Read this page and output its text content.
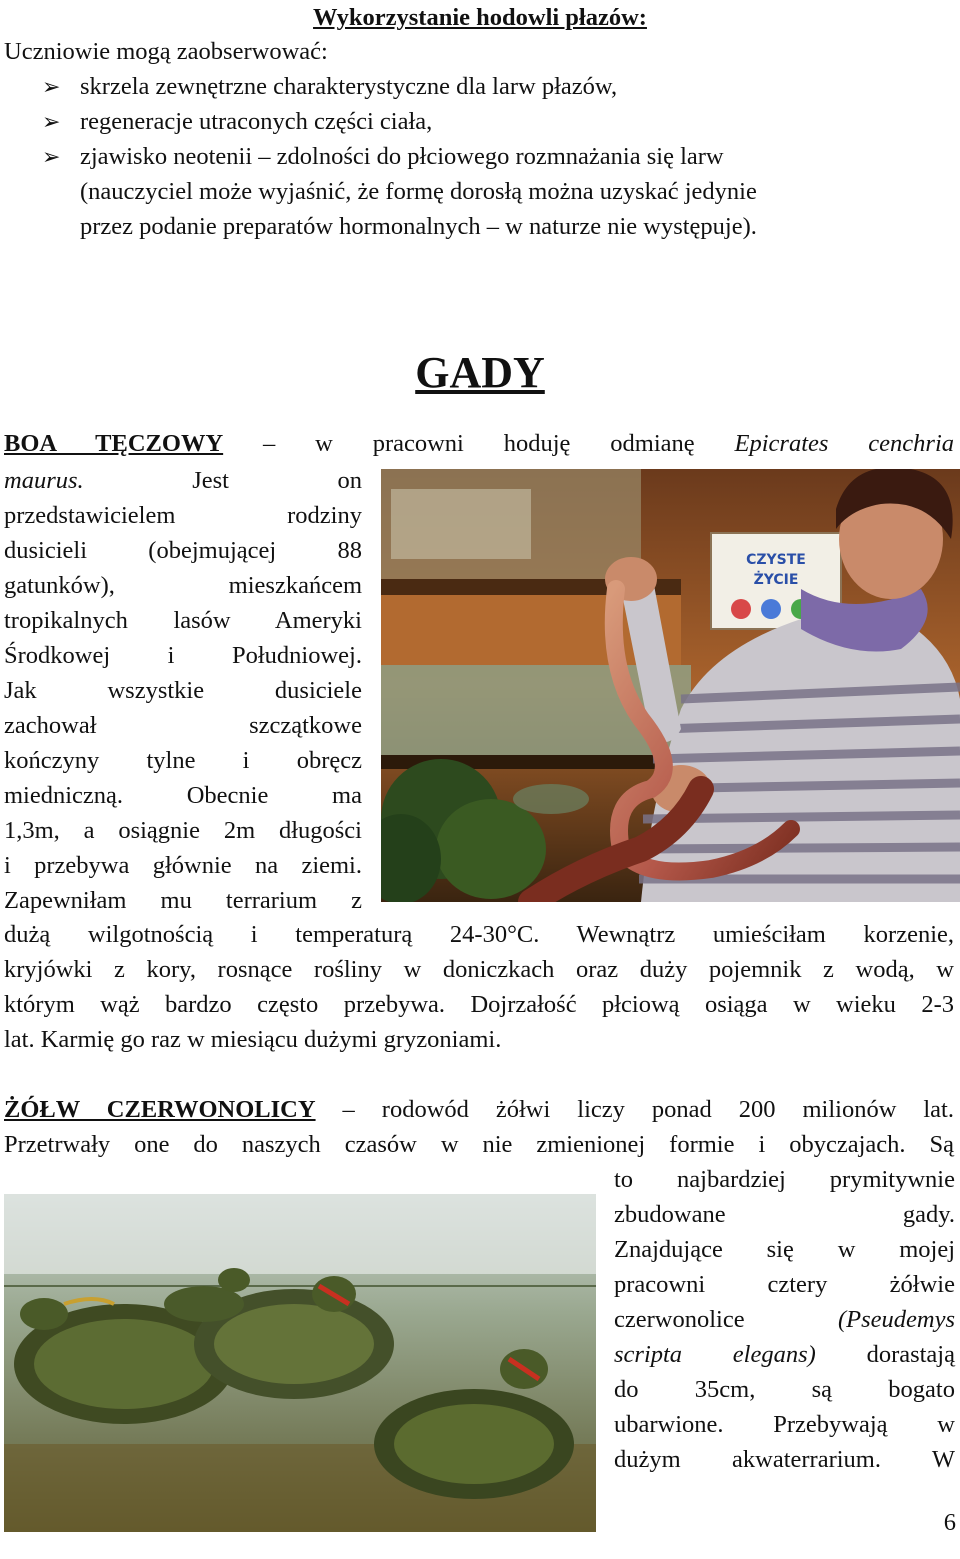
Wykorzystanie hodowli płazów:
Uczniowie mogą zaobserwować:
➢ skrzela zewnętrzne charakterystyczne dla larw płazów,
➢ regeneracje utraconych części ciała,
➢ zjawisko neotenii – zdolności do płciowego rozmnażania się larw
(nauczyciel może wyjaśnić, że formę dorosłą można uzyskać jedynie
przez podanie preparatów hormonalnych – w naturze nie występuje).
GADY
BOA TĘCZOWY – w pracowni hoduję odmianę Epicrates cenchria
maurus.	Jest on
przedstawicielem rodziny
dusicieli (obejmującej 88
gatunków), mieszkańcem
tropikalnych lasów Ameryki
Środkowej i Południowej.
Jak wszystkie dusiciele
zachował szczątkowe
kończyny tylne i obręcz
miedniczną. Obecnie ma
1,3m, a osiągnie 2m długości
i przebywa głównie na ziemi.
Zapewniłam mu terrarium z
CZYSTE
ŻYCIE
dużą wilgotnością i temperaturą 24-30°C. Wewnątrz umieściłam korzenie,
kryjówki z kory, rosnące rośliny w doniczkach oraz duży pojemnik z wodą, w
którym wąż bardzo często przebywa. Dojrzałość płciową osiąga w wieku 2-3
lat. Karmię go raz w miesiącu dużymi gryzoniami.
ŻÓŁW CZERWONOLICY – rodowód żółwi liczy ponad 200 milionów lat.
Przetrwały one do naszych czasów w nie zmienionej formie i obyczajach. Są
to najbardziej prymitywnie
zbudowane gady.
Znajdujące się w mojej
pracowni cztery żółwie
czerwonolice	(Pseudemys
scripta elegans) dorastają
do 35cm, są bogato
ubarwione. Przebywają w
dużym akwaterrarium. W
6
